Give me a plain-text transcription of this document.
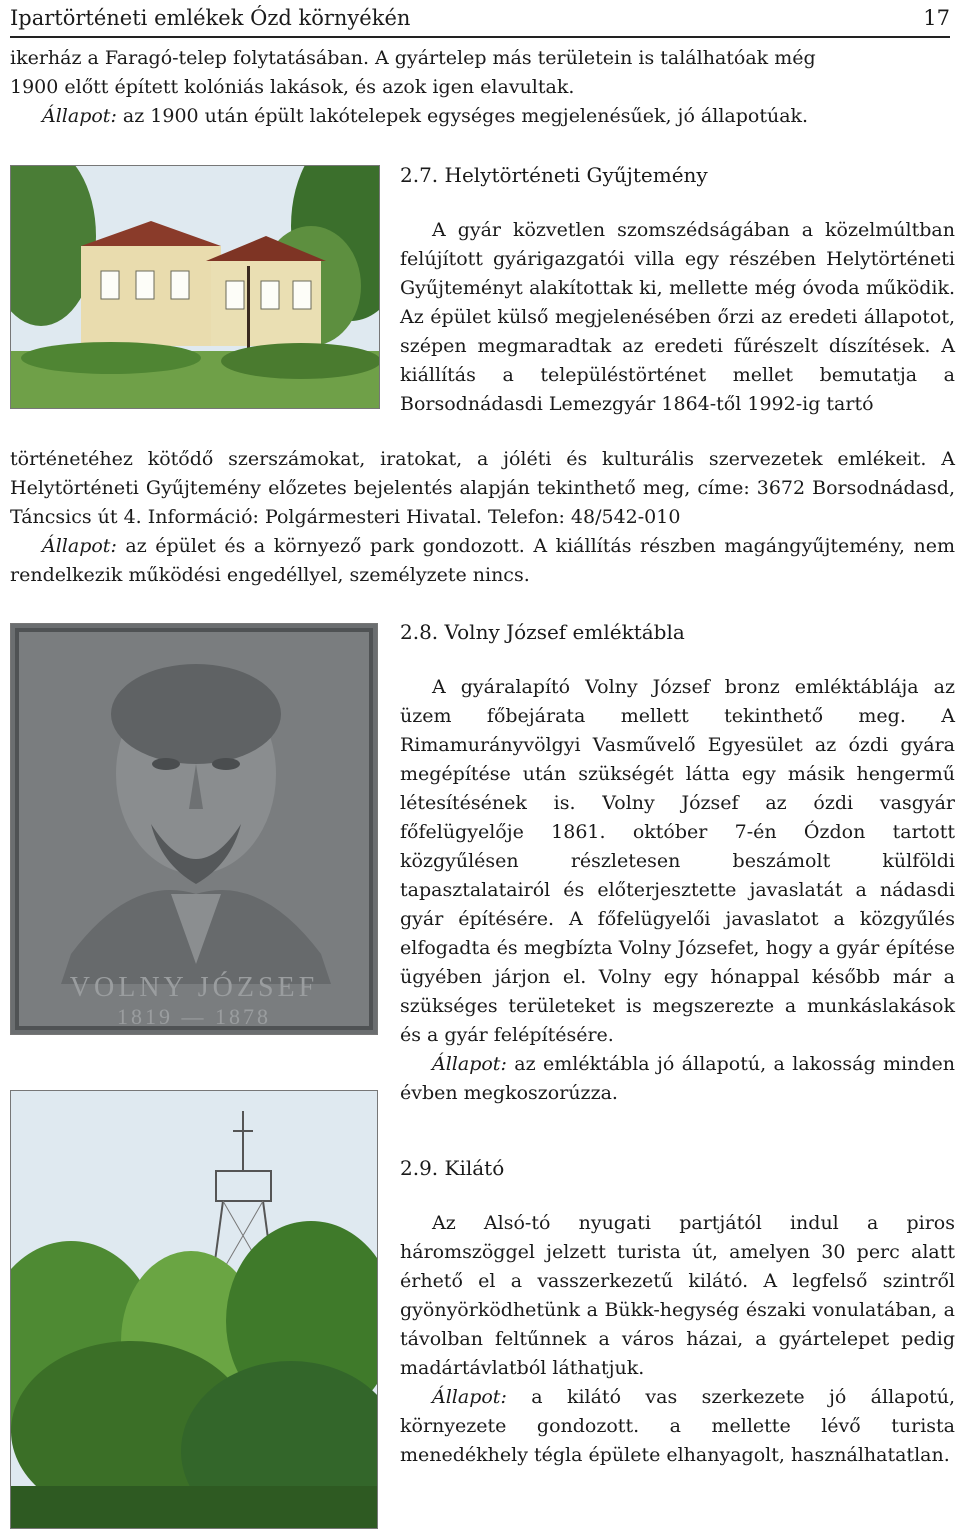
Ipartörténeti emlékek Ózd környékén	17

ikerház a Faragó-telep folytatásában. A gyártelep más területein is találhatóak még

1900 előtt épített kolóniás lakások, és azok igen elavultak.

Állapot: az 1900 után épült lakótelepek egységes megjelenésűek, jó állapotúak.

2.7. Helytörténeti Gyűjtemény

A gyár közvetlen szomszédságában a közelmúltban felújított gyárigazgatói villa egy részében Helytörténeti Gyűjteményt alakítottak ki, mellette még óvoda működik. Az épület külső megjelenésében őrzi az eredeti állapotot, szépen megmaradtak az eredeti fűrészelt díszítések. A kiállítás a településtörténet mellet bemutatja a Borsodnádasdi Lemezgyár 1864-től 1992-ig tartó

történetéhez kötődő szerszámokat, iratokat, a jóléti és kulturális szervezetek emlékeit. A Helytörténeti Gyűjtemény előzetes bejelentés alapján tekinthető meg, címe: 3672 Borsodnádasd, Táncsics út 4. Információ: Polgármesteri Hivatal. Telefon: 48/542-010

Állapot: az épület és a környező park gondozott. A kiállítás részben magángyűjtemény, nem rendelkezik működési engedéllyel, személyzete nincs.

VOLNY JÓZSEF
1819 — 1878

2.8. Volny József emléktábla

A gyáralapító Volny József bronz emléktáblája az üzem főbejárata mellett tekinthető meg. A Rimamurányvölgyi Vasművelő Egyesület az ózdi gyára megépítése után szükségét látta egy másik hengermű létesítésének is. Volny József az ózdi vasgyár főfelügyelője 1861. október 7-én Ózdon tartott közgyűlésen részletesen beszámolt külföldi tapasztalatairól és előterjesztette javaslatát a nádasdi gyár építésére. A főfelügyelői javaslatot a közgyűlés elfogadta és megbízta Volny Józsefet, hogy a gyár építése ügyében járjon el. Volny egy hónappal később már a szükséges területeket is megszerezte a munkáslakások és a gyár felépítésére.

Állapot: az emléktábla jó állapotú, a lakosság minden évben megkoszorúzza.

2.9. Kilátó

Az Alsó-tó nyugati partjától indul a piros háromszöggel jelzett turista út, amelyen 30 perc alatt érhető el a vasszerkezetű kilátó. A legfelső szintről gyönyörködhetünk a Bükk-hegység északi vonulatában, a távolban feltűnnek a város házai, a gyártelepet pedig madártávlatból láthatjuk.

Állapot: a kilátó vas szerkezete jó állapotú, környezete gondozott. a mellette lévő turista menedékhely tégla épülete elhanyagolt, használhatatlan.
